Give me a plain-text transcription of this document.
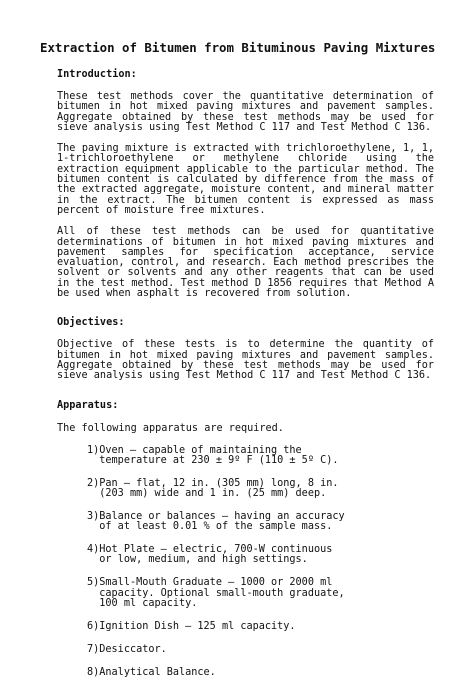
Extraction of Bitumen from Bituminous Paving Mixtures
Introduction:

These test methods cover the quantitative determination of bitumen in hot mixed paving mixtures and pavement samples. Aggregate obtained by these test methods may be used for sieve analysis using Test Method C 117 and Test Method C 136.

The paving mixture is extracted with trichloroethylene, 1, 1, 1-trichloroethylene or methylene chloride using the extraction equipment applicable to the particular method. The bitumen content is calculated by difference from the mass of the extracted aggregate, moisture content, and mineral matter in the extract. The bitumen content is expressed as mass percent of moisture free mixtures.

All of these test methods can be used for quantitative determinations of bitumen in hot mixed paving mixtures and pavement samples for specification acceptance, service evaluation, control, and research. Each method prescribes the solvent or solvents and any other reagents that can be used in the test method. Test method D 1856 requires that Method A be used when asphalt is recovered from solution.

Objectives:

Objective of these tests is to determine the quantity of bitumen in hot mixed paving mixtures and pavement samples. Aggregate obtained by these test methods may be used for sieve analysis using Test Method C 117 and Test Method C 136.

Apparatus:

The following apparatus are required.

1) Oven – capable of maintaining the
temperature at 230 ± 9º F (110 ± 5º C).
2) Pan – flat, 12 in. (305 mm) long, 8 in.
(203 mm) wide and 1 in. (25 mm) deep.
3) Balance or balances – having an accuracy
of at least 0.01 % of the sample mass.
4) Hot Plate – electric, 700-W continuous
or low, medium, and high settings.
5) Small-Mouth Graduate – 1000 or 2000 ml
capacity. Optional small-mouth graduate,
100 ml capacity.
6) Ignition Dish – 125 ml capacity.
7) Desiccator.
8) Analytical Balance.
